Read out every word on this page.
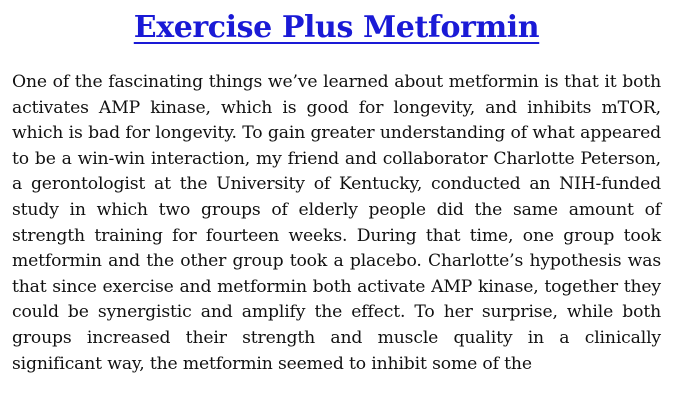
Exercise Plus Metformin

One of the fascinating things we’ve learned about metformin is that it both activates AMP kinase, which is good for longevity, and inhibits mTOR, which is bad for longevity. To gain greater understanding of what appeared to be a win-win interaction, my friend and collaborator Charlotte Peterson, a gerontologist at the University of Kentucky, conducted an NIH-funded study in which two groups of elderly people did the same amount of strength training for fourteen weeks. During that time, one group took metformin and the other group took a placebo. Charlotte’s hypothesis was that since exercise and metformin both activate AMP kinase, together they could be synergistic and amplify the effect. To her surprise, while both groups increased their strength and muscle quality in a clinically significant way, the metformin seemed to inhibit some of the
